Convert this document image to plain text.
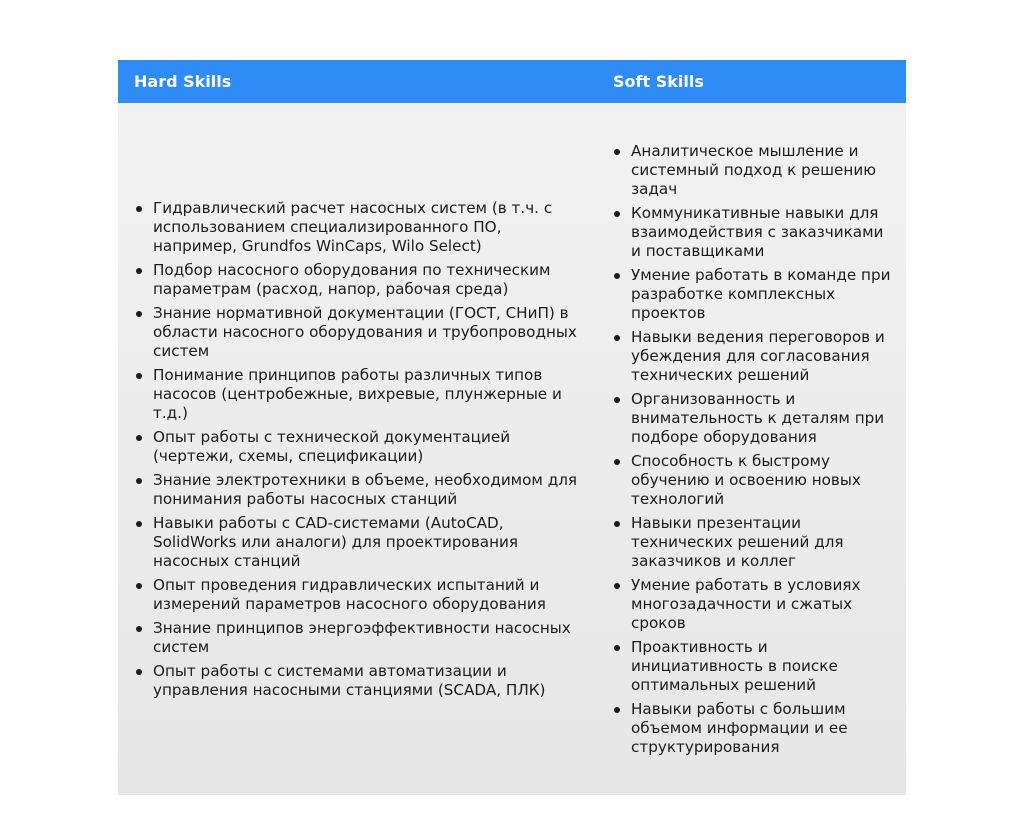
Hard Skills	Soft Skills
Гидравлический расчет насосных систем (в т.ч. с использованием специализированного ПО, например, Grundfos WinCaps, Wilo Select)
Подбор насосного оборудования по техническим параметрам (расход, напор, рабочая среда)
Знание нормативной документации (ГОСТ, СНиП) в области насосного оборудования и трубопроводных систем
Понимание принципов работы различных типов насосов (центробежные, вихревые, плунжерные и т.д.)
Опыт работы с технической документацией (чертежи, схемы, спецификации)
Знание электротехники в объеме, необходимом для понимания работы насосных станций
Навыки работы с CAD-системами (AutoCAD, SolidWorks или аналоги) для проектирования насосных станций
Опыт проведения гидравлических испытаний и измерений параметров насосного оборудования
Знание принципов энергоэффективности насосных систем
Опыт работы с системами автоматизации и управления насосными станциями (SCADA, ПЛК)
Аналитическое мышление и системный подход к решению задач
Коммуникативные навыки для взаимодействия с заказчиками и поставщиками
Умение работать в команде при разработке комплексных проектов
Навыки ведения переговоров и убеждения для согласования технических решений
Организованность и внимательность к деталям при подборе оборудования
Способность к быстрому обучению и освоению новых технологий
Навыки презентации технических решений для заказчиков и коллег
Умение работать в условиях многозадачности и сжатых сроков
Проактивность и инициативность в поиске оптимальных решений
Навыки работы с большим объемом информации и ее структурирования
